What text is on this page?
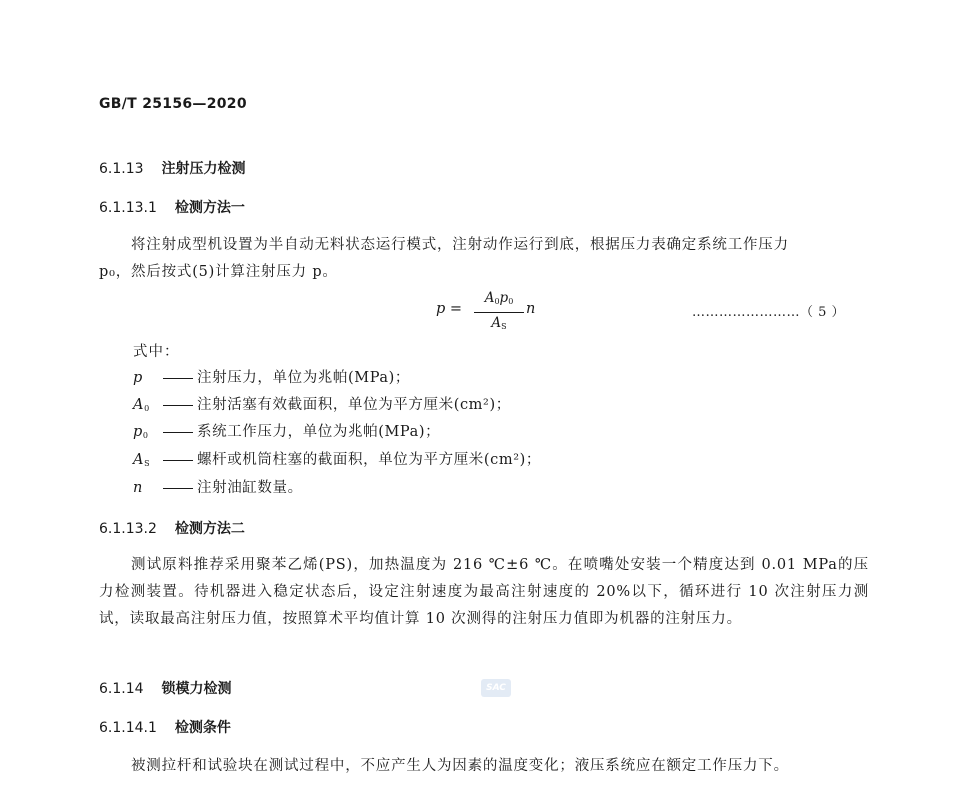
GB/T 25156—2020
6.1.13 注射压力检测
6.1.13.1 检测方法一
将注射成型机设置为半自动无料状态运行模式，注射动作运行到底，根据压力表确定系统工作压力
p₀，然后按式(5)计算注射压力 p。
p =
$A_0p_0$
$A_S$
n	……………………（ 5 ）
式中：
p	注射压力，单位为兆帕(MPa)；
$A_0$	注射活塞有效截面积，单位为平方厘米(cm²)；
$p_0$	系统工作压力，单位为兆帕(MPa)；
$A_S$	螺杆或机筒柱塞的截面积，单位为平方厘米(cm²)；
n	注射油缸数量。
6.1.13.2 检测方法二
测试原料推荐采用聚苯乙烯(PS)，加热温度为 216 ℃±6 ℃。在喷嘴处安装一个精度达到 0.01 MPa的压力检测装置。待机器进入稳定状态后，设定注射速度为最高注射速度的 20%以下，循环进行 10 次注射压力测试，读取最高注射压力值，按照算术平均值计算 10 次测得的注射压力值即为机器的注射压力。
6.1.14 锁模力检测	SAC
6.1.14.1 检测条件
被测拉杆和试验块在测试过程中，不应产生人为因素的温度变化；液压系统应在额定工作压力下。
